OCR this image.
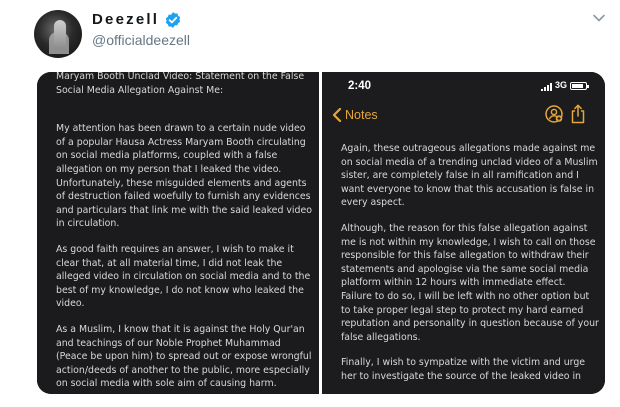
Deezell
@officialdeezell

Maryam Booth Unclad Video: Statement on the False Social Media Allegation Against Me:

My attention has been drawn to a certain nude video of a popular Hausa Actress Maryam Booth circulating on social media platforms, coupled with a false allegation on my person that I leaked the video. Unfortunately, these misguided elements and agents of destruction failed woefully to furnish any evidences and particulars that link me with the said leaked video in circulation.

As good faith requires an answer, I wish to make it clear that, at all material time, I did not leak the alleged video in circulation on social media and to the best of my knowledge, I do not know who leaked the video.

As a Muslim, I know that it is against the Holy Qur'an and teachings of our Noble Prophet Muhammad (Peace be upon him) to spread out or expose wrongful action/deeds of another to the public, more especially on social media with sole aim of causing harm.

2:40	3G
Notes

Again, these outrageous allegations made against me on social media of a trending unclad video of a Muslim sister, are completely false in all ramification and I want everyone to know that this accusation is false in every aspect.

Although, the reason for this false allegation against me is not within my knowledge, I wish to call on those responsible for this false allegation to withdraw their statements and apologise via the same social media platform within 12 hours with immediate effect. Failure to do so, I will be left with no other option but to take proper legal step to protect my hard earned reputation and personality in question because of your false allegations.

Finally, I wish to sympatize with the victim and urge her to investigate the source of the leaked video in
